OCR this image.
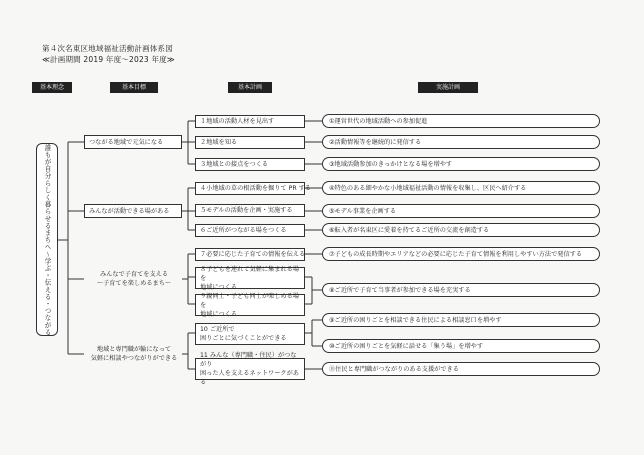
第４次名東区地域福祉活動計画体系図
≪計画期間 2019 年度～2023 年度≫
基本理念	基本目標	基本計画	実施計画
誰もが自分らしく暮らせるまちへ～学ぶ・伝える・つながる
つながる地域で元気になる
みんなが活動できる場がある
みんなで子育てを支える
～子育てを楽しめるまち～
地域と専門職が輪になって
気軽に相談やつながりができる
１地域の活動人材を見出す
２地域を知る
３地域との接点をつくる
４小地域の草の根活動を掘りて PR する
５モデルの活動を企画・実施する
６ご近所がつながる場をつくる
７必要に応じた子育ての情報を伝える
８子どもを連れて気軽に集まれる場を
地域につくる
９親同士・子ども同士が楽しめる場を
地域につくる
10 ご近所で
困りごとに気づくことができる
11 みんな（専門職・住民）がつながり
困った人を支えるネットワークがある
①運営世代の地域活動への参加促進
②活動情報等を継続的に発信する
③地域活動参加のきっかけとなる場を増やす
④特色のある細やかな小地域福祉活動の情報を収集し、区民へ紹介する
⑤モデル事業を企画する
⑥転入者が名東区に愛着を持てるご近所の交流を創造する
⑦子どもの成長時期やエリアなどの必要に応じた子育て情報を利用しやすい方法で発信する
⑧ご近所で子育て当事者が参加できる場を充実する
⑨ご近所の困りごとを相談できる住民による相談窓口を増やす
⑩ご近所の困りごとを気軽に話せる「集う場」を増やす
⑪住民と専門職がつながりのある支援ができる
